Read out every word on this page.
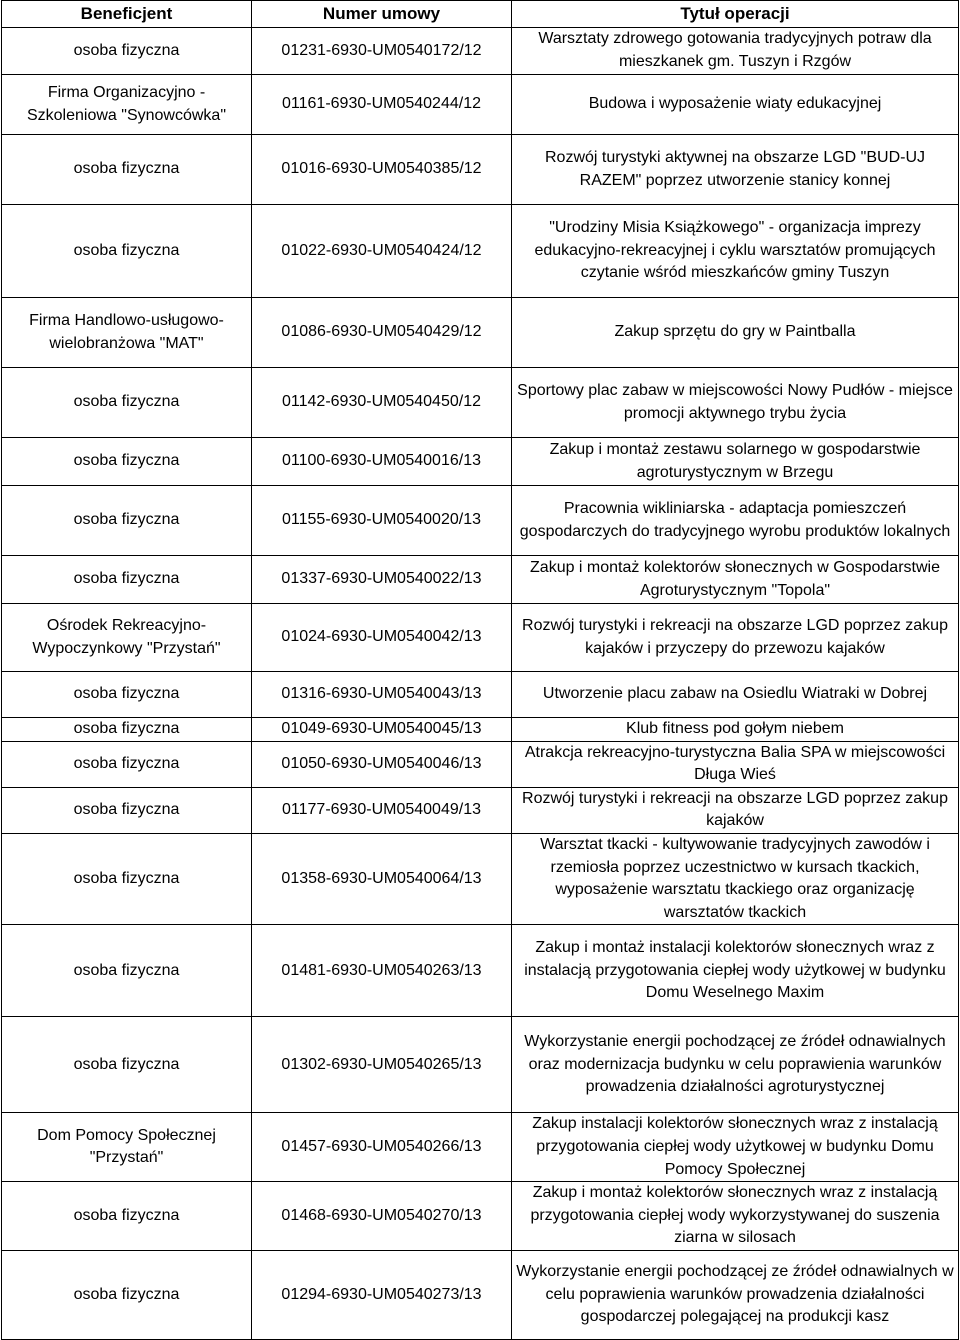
Beneficjent	Numer umowy	Tytuł operacji
osoba fizyczna	01231-6930-UM0540172/12	Warsztaty zdrowego gotowania tradycyjnych potraw dla mieszkanek gm. Tuszyn i Rzgów
Firma Organizacyjno - Szkoleniowa "Synowcówka"	01161-6930-UM0540244/12	Budowa i wyposażenie wiaty edukacyjnej
osoba fizyczna	01016-6930-UM0540385/12	Rozwój turystyki aktywnej na obszarze LGD "BUD-UJ RAZEM" poprzez utworzenie stanicy konnej
osoba fizyczna	01022-6930-UM0540424/12	"Urodziny Misia Książkowego" - organizacja imprezy edukacyjno-rekreacyjnej i cyklu warsztatów promujących czytanie wśród mieszkańców gminy Tuszyn
Firma Handlowo-usługowo-wielobranżowa "MAT"	01086-6930-UM0540429/12	Zakup sprzętu do gry w Paintballa
osoba fizyczna	01142-6930-UM0540450/12	Sportowy plac zabaw w miejscowości Nowy Pudłów - miejsce promocji aktywnego trybu życia
osoba fizyczna	01100-6930-UM0540016/13	Zakup i montaż zestawu solarnego w gospodarstwie agroturystycznym w Brzegu
osoba fizyczna	01155-6930-UM0540020/13	Pracownia wikliniarska - adaptacja pomieszczeń gospodarczych do tradycyjnego wyrobu produktów lokalnych
osoba fizyczna	01337-6930-UM0540022/13	Zakup i montaż kolektorów słonecznych w Gospodarstwie Agroturystycznym "Topola"
Ośrodek Rekreacyjno-Wypoczynkowy "Przystań"	01024-6930-UM0540042/13	Rozwój turystyki i rekreacji na obszarze LGD poprzez zakup kajaków i przyczepy do przewozu kajaków
osoba fizyczna	01316-6930-UM0540043/13	Utworzenie placu zabaw na Osiedlu Wiatraki w Dobrej
osoba fizyczna	01049-6930-UM0540045/13	Klub fitness pod gołym niebem
osoba fizyczna	01050-6930-UM0540046/13	Atrakcja rekreacyjno-turystyczna Balia SPA w miejscowości Długa Wieś
osoba fizyczna	01177-6930-UM0540049/13	Rozwój turystyki i rekreacji na obszarze LGD poprzez zakup kajaków
osoba fizyczna	01358-6930-UM0540064/13	Warsztat tkacki - kultywowanie tradycyjnych zawodów i rzemiosła poprzez uczestnictwo w kursach tkackich, wyposażenie warsztatu tkackiego oraz organizację warsztatów tkackich
osoba fizyczna	01481-6930-UM0540263/13	Zakup i montaż instalacji kolektorów słonecznych wraz z instalacją przygotowania ciepłej wody użytkowej w budynku Domu Weselnego Maxim
osoba fizyczna	01302-6930-UM0540265/13	Wykorzystanie energii pochodzącej ze źródeł odnawialnych oraz modernizacja budynku w celu poprawienia warunków prowadzenia działalności agroturystycznej
Dom Pomocy Społecznej "Przystań"	01457-6930-UM0540266/13	Zakup instalacji kolektorów słonecznych wraz z instalacją przygotowania ciepłej wody użytkowej w budynku Domu Pomocy Społecznej
osoba fizyczna	01468-6930-UM0540270/13	Zakup i montaż kolektorów słonecznych wraz z instalacją przygotowania ciepłej wody wykorzystywanej do suszenia ziarna w silosach
osoba fizyczna	01294-6930-UM0540273/13	Wykorzystanie energii pochodzącej ze źródeł odnawialnych w celu poprawienia warunków prowadzenia działalności gospodarczej polegającej na produkcji kasz
